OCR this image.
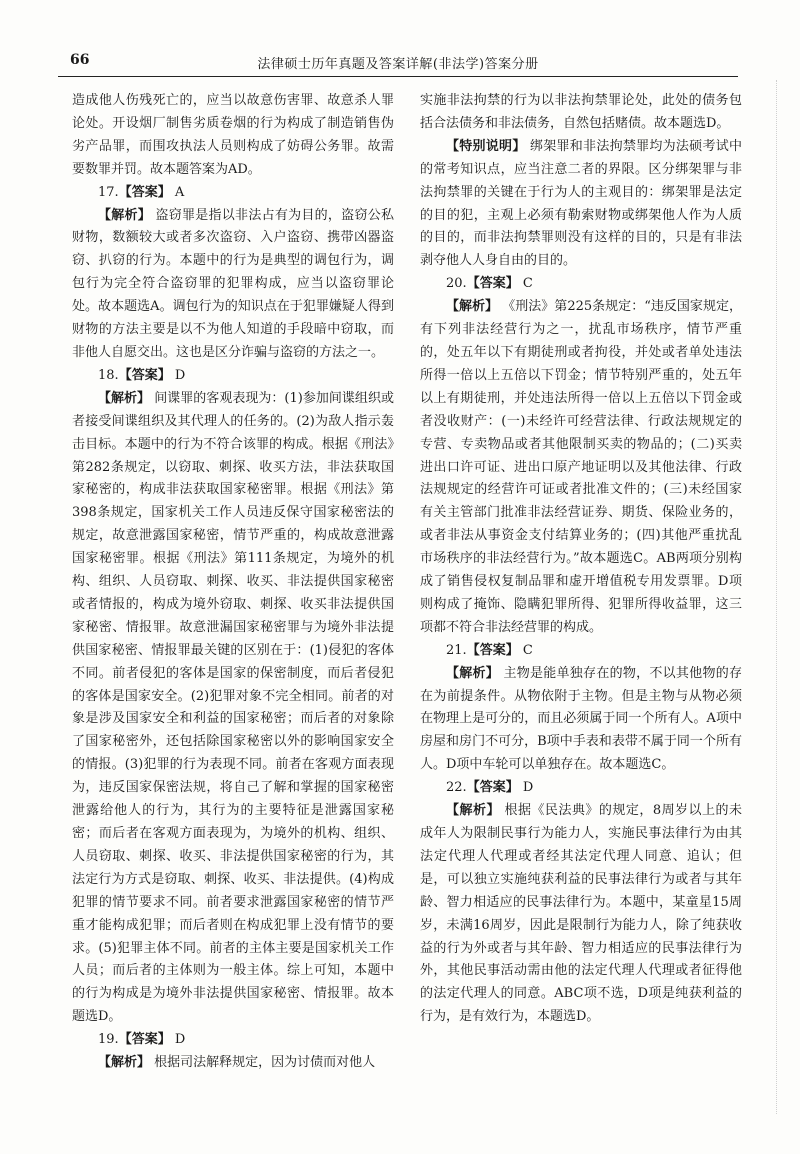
66	法律硕士历年真题及答案详解(非法学)答案分册

造成他人伤残死亡的，应当以故意伤害罪、故意杀人罪论处。开设烟厂制售劣质卷烟的行为构成了制造销售伪劣产品罪，而围攻执法人员则构成了妨碍公务罪。故需要数罪并罚。故本题答案为AD。

17.【答案】 A

【解析】 盗窃罪是指以非法占有为目的，盗窃公私财物，数额较大或者多次盗窃、入户盗窃、携带凶器盗窃、扒窃的行为。本题中的行为是典型的调包行为，调包行为完全符合盗窃罪的犯罪构成，应当以盗窃罪论处。故本题选A。调包行为的知识点在于犯罪嫌疑人得到财物的方法主要是以不为他人知道的手段暗中窃取，而非他人自愿交出。这也是区分诈骗与盗窃的方法之一。

18.【答案】 D

【解析】 间谍罪的客观表现为：(1)参加间谍组织或者接受间谍组织及其代理人的任务的。(2)为敌人指示轰击目标。本题中的行为不符合该罪的构成。根据《刑法》第282条规定，以窃取、刺探、收买方法，非法获取国家秘密的，构成非法获取国家秘密罪。根据《刑法》第398条规定，国家机关工作人员违反保守国家秘密法的规定，故意泄露国家秘密，情节严重的，构成故意泄露国家秘密罪。根据《刑法》第111条规定，为境外的机构、组织、人员窃取、刺探、收买、非法提供国家秘密或者情报的，构成为境外窃取、刺探、收买非法提供国家秘密、情报罪。故意泄漏国家秘密罪与为境外非法提供国家秘密、情报罪最关键的区别在于：(1)侵犯的客体不同。前者侵犯的客体是国家的保密制度，而后者侵犯的客体是国家安全。(2)犯罪对象不完全相同。前者的对象是涉及国家安全和利益的国家秘密；而后者的对象除了国家秘密外，还包括除国家秘密以外的影响国家安全的情报。(3)犯罪的行为表现不同。前者在客观方面表现为，违反国家保密法规，将自己了解和掌握的国家秘密泄露给他人的行为，其行为的主要特征是泄露国家秘密；而后者在客观方面表现为，为境外的机构、组织、人员窃取、刺探、收买、非法提供国家秘密的行为，其法定行为方式是窃取、刺探、收买、非法提供。(4)构成犯罪的情节要求不同。前者要求泄露国家秘密的情节严重才能构成犯罪；而后者则在构成犯罪上没有情节的要求。(5)犯罪主体不同。前者的主体主要是国家机关工作人员；而后者的主体则为一般主体。综上可知，本题中的行为构成是为境外非法提供国家秘密、情报罪。故本题选D。

19.【答案】 D

【解析】 根据司法解释规定，因为讨债而对他人

实施非法拘禁的行为以非法拘禁罪论处，此处的债务包括合法债务和非法债务，自然包括赌债。故本题选D。

【特别说明】 绑架罪和非法拘禁罪均为法硕考试中的常考知识点，应当注意二者的界限。区分绑架罪与非法拘禁罪的关键在于行为人的主观目的：绑架罪是法定的目的犯，主观上必须有勒索财物或绑架他人作为人质的目的，而非法拘禁罪则没有这样的目的，只是有非法剥夺他人人身自由的目的。

20.【答案】 C

【解析】 《刑法》第225条规定：“违反国家规定，有下列非法经营行为之一，扰乱市场秩序，情节严重的，处五年以下有期徒刑或者拘役，并处或者单处违法所得一倍以上五倍以下罚金；情节特别严重的，处五年以上有期徒刑，并处违法所得一倍以上五倍以下罚金或者没收财产：(一)未经许可经营法律、行政法规规定的专营、专卖物品或者其他限制买卖的物品的；(二)买卖进出口许可证、进出口原产地证明以及其他法律、行政法规规定的经营许可证或者批准文件的；(三)未经国家有关主管部门批准非法经营证券、期货、保险业务的，或者非法从事资金支付结算业务的；(四)其他严重扰乱市场秩序的非法经营行为。”故本题选C。AB两项分别构成了销售侵权复制品罪和虚开增值税专用发票罪。D项则构成了掩饰、隐瞒犯罪所得、犯罪所得收益罪，这三项都不符合非法经营罪的构成。

21.【答案】 C

【解析】 主物是能单独存在的物，不以其他物的存在为前提条件。从物依附于主物。但是主物与从物必须在物理上是可分的，而且必须属于同一个所有人。A项中房屋和房门不可分，B项中手表和表带不属于同一个所有人。D项中车轮可以单独存在。故本题选C。

22.【答案】 D

【解析】 根据《民法典》的规定，8周岁以上的未成年人为限制民事行为能力人，实施民事法律行为由其法定代理人代理或者经其法定代理人同意、追认；但是，可以独立实施纯获利益的民事法律行为或者与其年龄、智力相适应的民事法律行为。本题中，某童星15周岁，未满16周岁，因此是限制行为能力人，除了纯获收益的行为外或者与其年龄、智力相适应的民事法律行为外，其他民事活动需由他的法定代理人代理或者征得他的法定代理人的同意。ABC项不选，D项是纯获利益的行为，是有效行为，本题选D。
